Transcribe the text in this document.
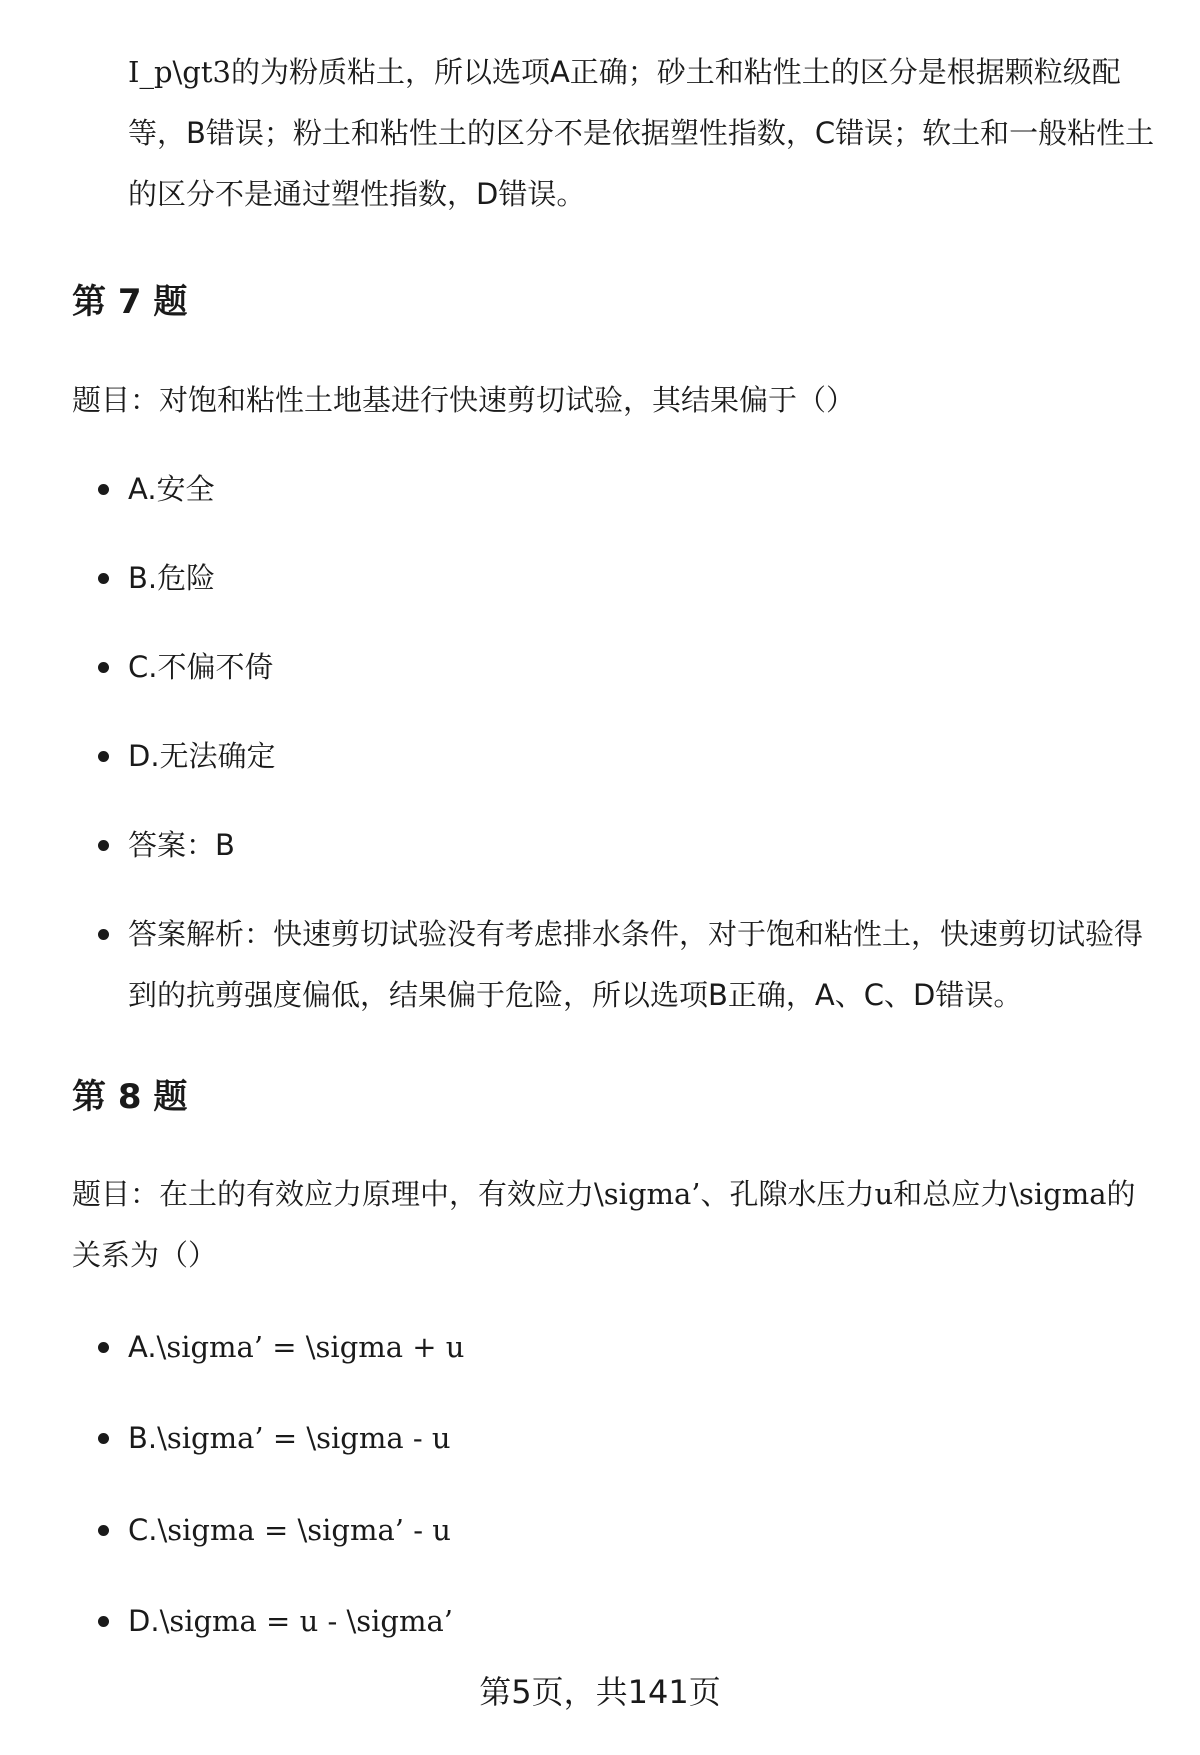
I_p\gt3的为粉质粘土，所以选项A正确；砂土和粘性土的区分是根据颗粒级配等，B错误；粉土和粘性土的区分不是依据塑性指数，C错误；软土和一般粘性土的区分不是通过塑性指数，D错误。

第 7 题

题目：对饱和粘性土地基进行快速剪切试验，其结果偏于（）

A.安全
B.危险
C.不偏不倚
D.无法确定
答案：B
答案解析：快速剪切试验没有考虑排水条件，对于饱和粘性土，快速剪切试验得到的抗剪强度偏低，结果偏于危险，所以选项B正确，A、C、D错误。
第 8 题

题目：在土的有效应力原理中，有效应力\sigma’、孔隙水压力u和总应力\sigma的关系为（）

A.\sigma’ = \sigma + u
B.\sigma’ = \sigma - u
C.\sigma = \sigma’ - u
D.\sigma = u - \sigma’
第5页，共141页
